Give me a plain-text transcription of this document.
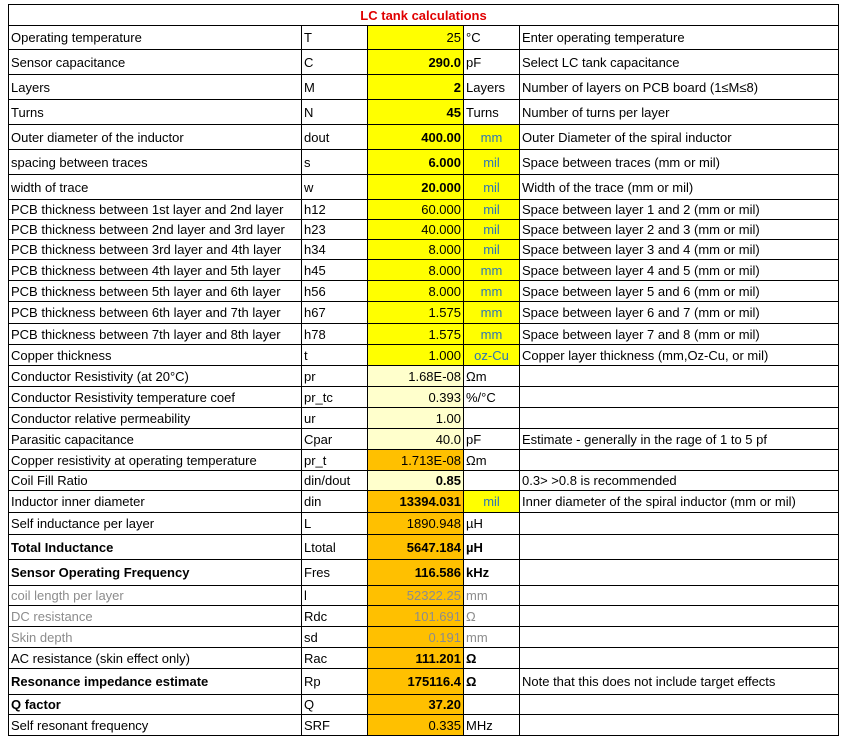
LC tank calculations				
Operating temperature	T	25	°C	Enter operating temperature
Sensor capacitance	C	290.0	pF	Select LC tank capacitance
Layers	M	2	Layers	Number of layers on PCB board (1≤M≤8)
Turns	N	45	Turns	Number of turns per layer
Outer diameter of the inductor	dout	400.00	mm	Outer Diameter of the spiral inductor
spacing between traces	s	6.000	mil	Space between traces (mm or mil)
width of trace	w	20.000	mil	Width of the trace (mm or mil)
PCB thickness between 1st layer and 2nd layer	h12	60.000	mil	Space between layer 1 and 2 (mm or mil)
PCB thickness between 2nd layer and 3rd layer	h23	40.000	mil	Space between layer 2 and 3 (mm or mil)
PCB thickness between 3rd layer and 4th layer	h34	8.000	mil	Space between layer 3 and 4 (mm or mil)
PCB thickness between 4th layer and 5th layer	h45	8.000	mm	Space between layer 4 and 5 (mm or mil)
PCB thickness between 5th layer and 6th layer	h56	8.000	mm	Space between layer 5 and 6 (mm or mil)
PCB thickness between 6th layer and 7th layer	h67	1.575	mm	Space between layer 6 and 7 (mm or mil)
PCB thickness between 7th layer and 8th layer	h78	1.575	mm	Space between layer 7 and 8 (mm or mil)
Copper thickness	t	1.000	oz-Cu	Copper layer thickness (mm,Oz-Cu, or mil)
Conductor Resistivity (at 20°C)	pr	1.68E-08	Ωm	
Conductor Resistivity temperature coef	pr_tc	0.393	%/°C	
Conductor relative permeability	ur	1.00		
Parasitic capacitance	Cpar	40.0	pF	Estimate - generally in the rage of 1 to 5 pf
Copper resistivity at operating temperature	pr_t	1.713E-08	Ωm	
Coil Fill Ratio	din/dout	0.85		0.3> >0.8 is recommended
Inductor inner diameter	din	13394.031	mil	Inner diameter of the spiral inductor (mm or mil)
Self inductance per layer	L	1890.948	µH	
Total Inductance	Ltotal	5647.184	µH	
Sensor Operating Frequency	Fres	116.586	kHz	
coil length per layer	l	52322.25	mm	
DC resistance	Rdc	101.691	Ω	
Skin depth	sd	0.191	mm	
AC resistance (skin effect only)	Rac	111.201	Ω	
Resonance impedance estimate	Rp	175116.4	Ω	Note that this does not include target effects
Q factor	Q	37.20		
Self resonant frequency	SRF	0.335	MHz	
